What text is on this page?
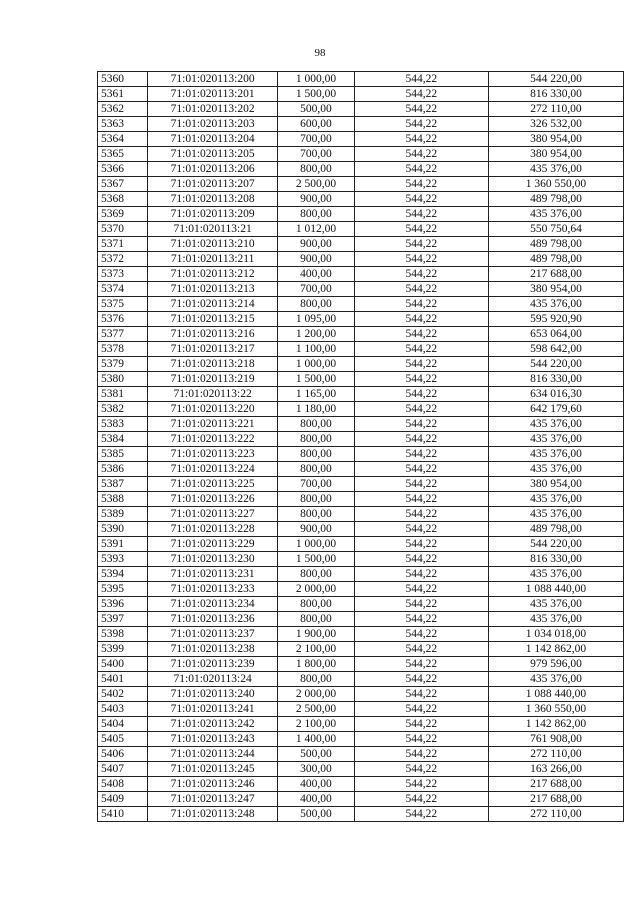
98
5360	71:01:020113:200	1 000,00	544,22	544 220,00
5361	71:01:020113:201	1 500,00	544,22	816 330,00
5362	71:01:020113:202	500,00	544,22	272 110,00
5363	71:01:020113:203	600,00	544,22	326 532,00
5364	71:01:020113:204	700,00	544,22	380 954,00
5365	71:01:020113:205	700,00	544,22	380 954,00
5366	71:01:020113:206	800,00	544,22	435 376,00
5367	71:01:020113:207	2 500,00	544,22	1 360 550,00
5368	71:01:020113:208	900,00	544,22	489 798,00
5369	71:01:020113:209	800,00	544,22	435 376,00
5370	71:01:020113:21	1 012,00	544,22	550 750,64
5371	71:01:020113:210	900,00	544,22	489 798,00
5372	71:01:020113:211	900,00	544,22	489 798,00
5373	71:01:020113:212	400,00	544,22	217 688,00
5374	71:01:020113:213	700,00	544,22	380 954,00
5375	71:01:020113:214	800,00	544,22	435 376,00
5376	71:01:020113:215	1 095,00	544,22	595 920,90
5377	71:01:020113:216	1 200,00	544,22	653 064,00
5378	71:01:020113:217	1 100,00	544,22	598 642,00
5379	71:01:020113:218	1 000,00	544,22	544 220,00
5380	71:01:020113:219	1 500,00	544,22	816 330,00
5381	71:01:020113:22	1 165,00	544,22	634 016,30
5382	71:01:020113:220	1 180,00	544,22	642 179,60
5383	71:01:020113:221	800,00	544,22	435 376,00
5384	71:01:020113:222	800,00	544,22	435 376,00
5385	71:01:020113:223	800,00	544,22	435 376,00
5386	71:01:020113:224	800,00	544,22	435 376,00
5387	71:01:020113:225	700,00	544,22	380 954,00
5388	71:01:020113:226	800,00	544,22	435 376,00
5389	71:01:020113:227	800,00	544,22	435 376,00
5390	71:01:020113:228	900,00	544,22	489 798,00
5391	71:01:020113:229	1 000,00	544,22	544 220,00
5393	71:01:020113:230	1 500,00	544,22	816 330,00
5394	71:01:020113:231	800,00	544,22	435 376,00
5395	71:01:020113:233	2 000,00	544,22	1 088 440,00
5396	71:01:020113:234	800,00	544,22	435 376,00
5397	71:01:020113:236	800,00	544,22	435 376,00
5398	71:01:020113:237	1 900,00	544,22	1 034 018,00
5399	71:01:020113:238	2 100,00	544,22	1 142 862,00
5400	71:01:020113:239	1 800,00	544,22	979 596,00
5401	71:01:020113:24	800,00	544,22	435 376,00
5402	71:01:020113:240	2 000,00	544,22	1 088 440,00
5403	71:01:020113:241	2 500,00	544,22	1 360 550,00
5404	71:01:020113:242	2 100,00	544,22	1 142 862,00
5405	71:01:020113:243	1 400,00	544,22	761 908,00
5406	71:01:020113:244	500,00	544,22	272 110,00
5407	71:01:020113:245	300,00	544,22	163 266,00
5408	71:01:020113:246	400,00	544,22	217 688,00
5409	71:01:020113:247	400,00	544,22	217 688,00
5410	71:01:020113:248	500,00	544,22	272 110,00
